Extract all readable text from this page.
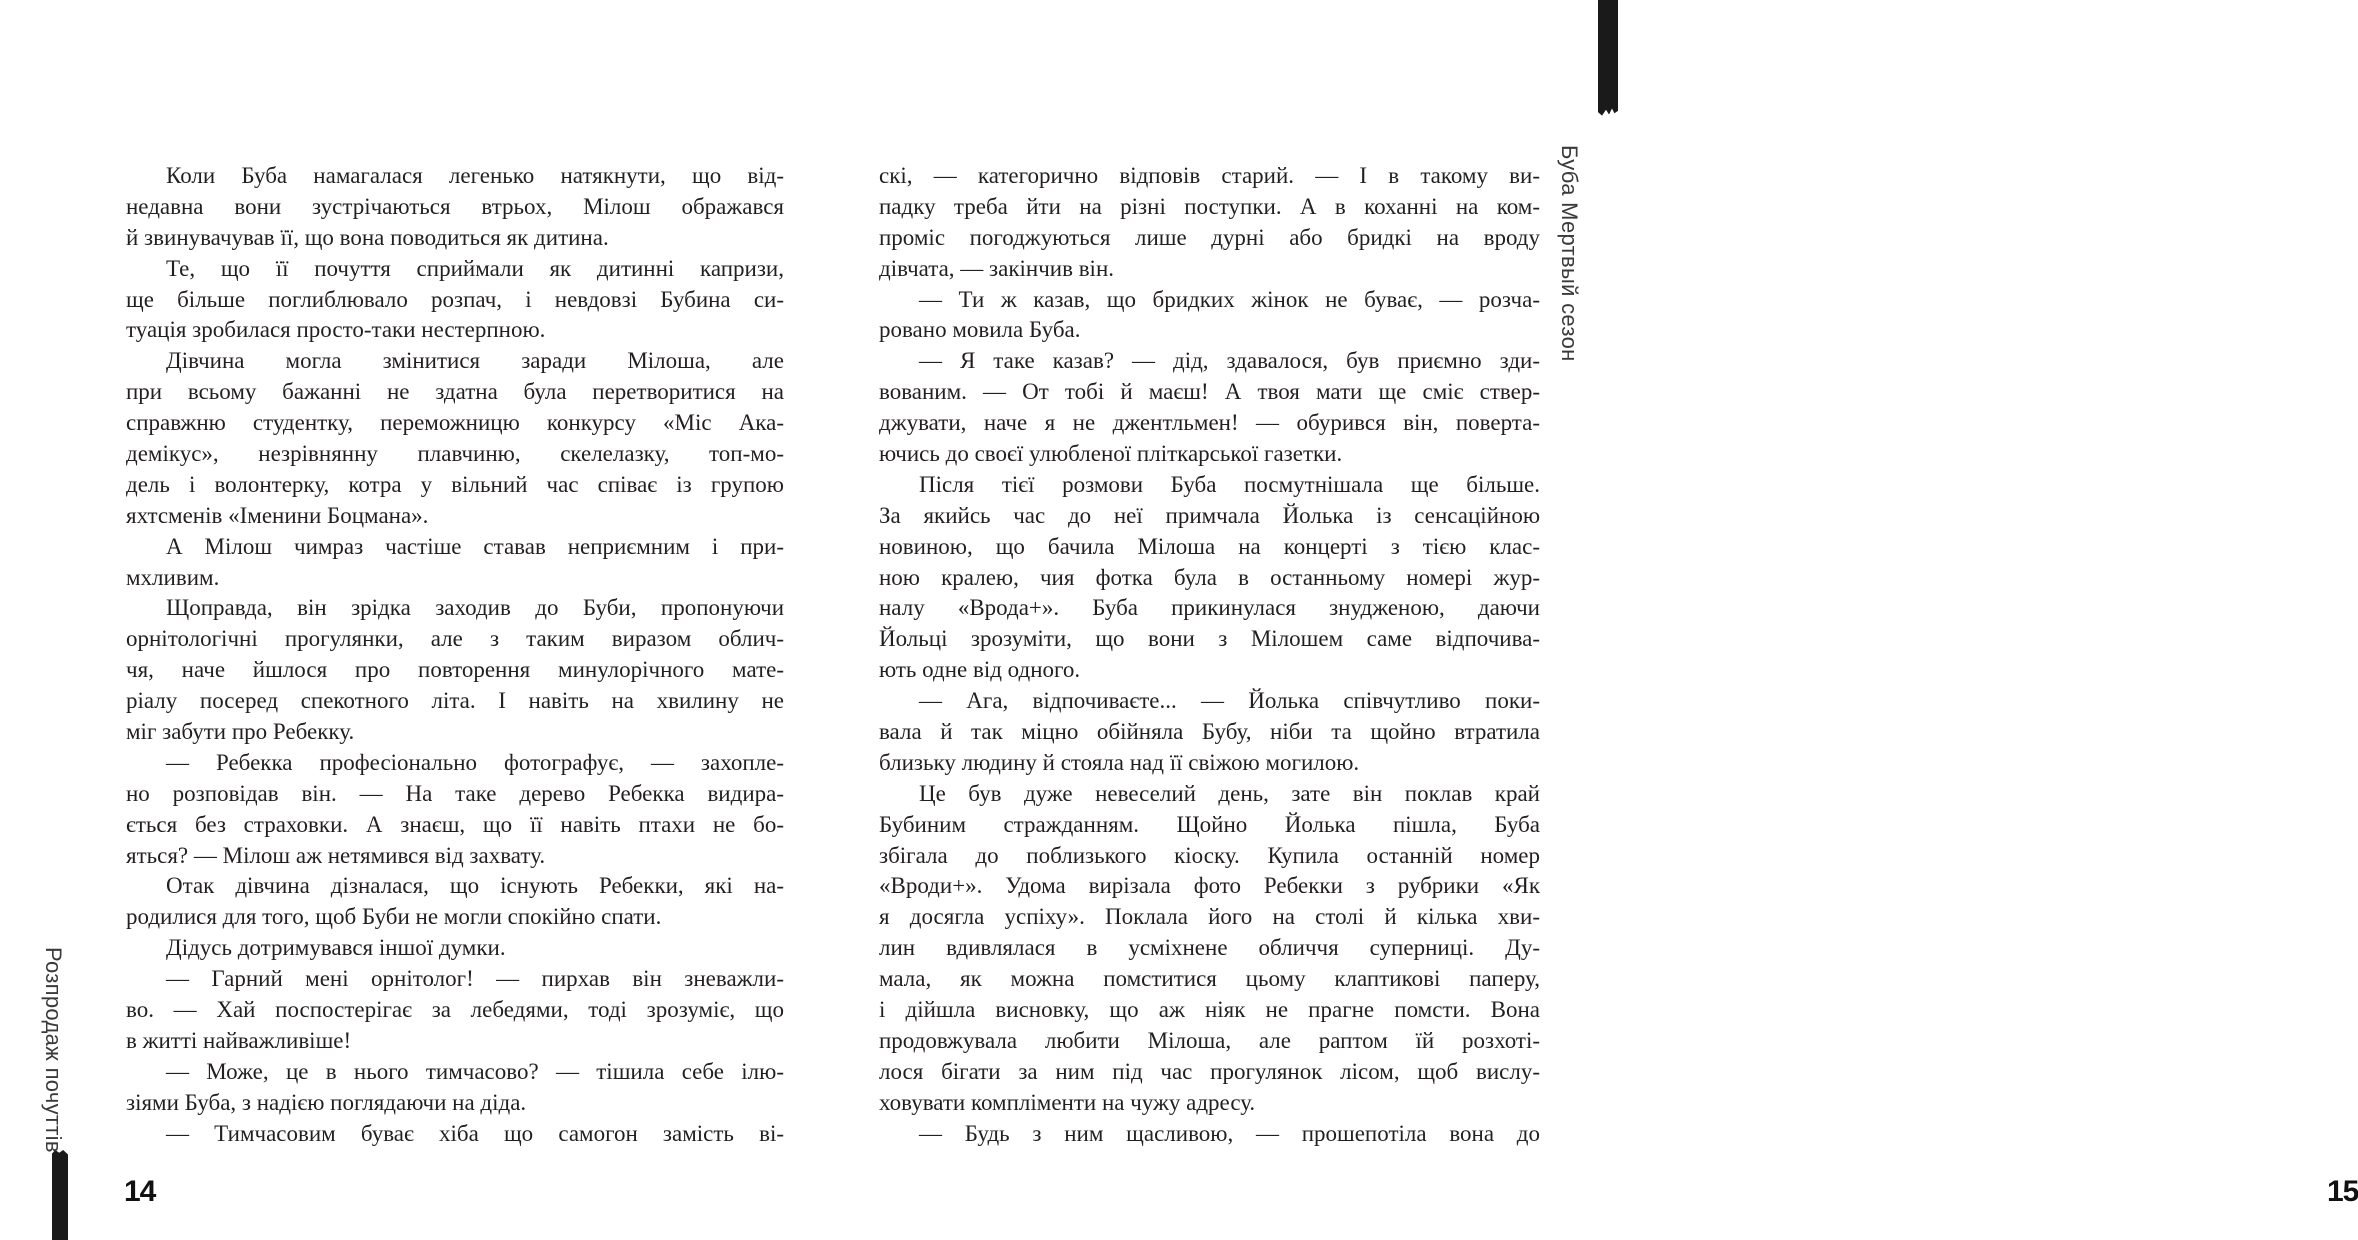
Розпродаж почуттів
Коли Буба намагалася легенько натякнути, що від-
недавна вони зустрічаються втрьох, Мілош ображався
й звинувачував її, що вона поводиться як дитина.
Те, що її почуття сприймали як дитинні капризи,
ще більше поглиблювало розпач, і невдовзі Бубина си-
туація зробилася просто-таки нестерпною.
Дівчина могла змінитися заради Мілоша, але
при всьому бажанні не здатна була перетворитися на
справжню студентку, переможницю конкурсу «Міс Ака-
демікус», незрівнянну плавчиню, скелелазку, топ-мо-
дель і волонтерку, котра у вільний час співає із групою
яхтсменів «Іменини Боцмана».
А Мілош чимраз частіше ставав неприємним і при-
мхливим.
Щоправда, він зрідка заходив до Буби, пропонуючи
орнітологічні прогулянки, але з таким виразом облич-
чя, наче йшлося про повторення минулорічного мате-
ріалу посеред спекотного літа. І навіть на хвилину не
міг забути про Ребекку.
— Ребекка професіонально фотографує, — захопле-
но розповідав він. — На таке дерево Ребекка видира-
ється без страховки. А знаєш, що її навіть птахи не бо-
яться? — Мілош аж нетямився від захвату.
Отак дівчина дізналася, що існують Ребекки, які на-
родилися для того, щоб Буби не могли спокійно спати.
Дідусь дотримувався іншої думки.
— Гарний мені орнітолог! — пирхав він зневажли-
во. — Хай поспостерігає за лебедями, тоді зрозуміє, що
в житті найважливіше!
— Може, це в нього тимчасово? — тішила себе ілю-
зіями Буба, з надією поглядаючи на діда.
— Тимчасовим буває хіба що самогон замість ві-
14
скі, — категорично відповів старий. — І в такому ви-
падку треба йти на різні поступки. А в коханні на ком-
проміс погоджуються лише дурні або бридкі на вроду
дівчата, — закінчив він.
— Ти ж казав, що бридких жінок не буває, — розча-
ровано мовила Буба.
— Я таке казав? — дід, здавалося, був приємно зди-
вованим. — От тобі й маєш! А твоя мати ще сміє ствер-
джувати, наче я не джентльмен! — обурився він, поверта-
ючись до своєї улюбленої плiткарської газетки.
Після тієї розмови Буба посмутнішала ще більше.
За якийсь час до неї примчала Йолька із сенсаційною
новиною, що бачила Мілоша на концерті з тією клас-
ною кралею, чия фотка була в останньому номері жур-
налу «Врода+». Буба прикинулася знудженою, даючи
Йольці зрозуміти, що вони з Мілошем саме відпочива-
ють одне від одного.
— Ага, відпочиваєте... — Йолька співчутливо поки-
вала й так міцно обійняла Бубу, ніби та щойно втратила
близьку людину й стояла над її свіжою могилою.
Це був дуже невеселий день, зате він поклав край
Бубиним стражданням. Щойно Йолька пішла, Буба
збігала до поблизького кіоску. Купила останній номер
«Вроди+». Удома вирізала фото Ребекки з рубрики «Як
я досягла успіху». Поклала його на столі й кілька хви-
лин вдивлялася в усміхнене обличчя суперниці. Ду-
мала, як можна помститися цьому клаптикові паперу,
і дійшла висновку, що аж ніяк не прагне помсти. Вона
продовжувала любити Мілоша, але раптом їй розхоті-
лося бігати за ним під час прогулянок лісом, щоб вислу-
ховувати компліменти на чужу адресу.
— Будь з ним щасливою, — прошепотіла вона до
15
Буба Мертвый сезон
